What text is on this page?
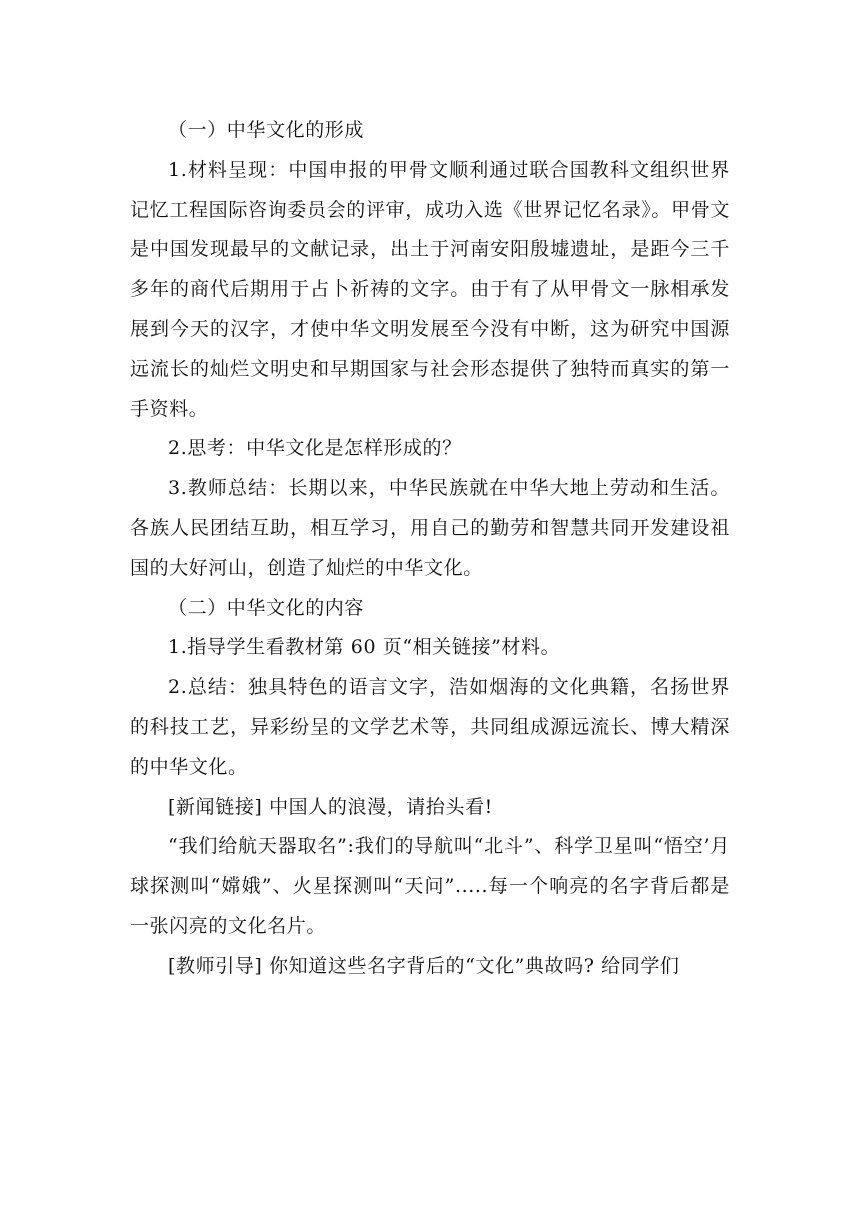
（一）中华文化的形成

1.材料呈现：中国申报的甲骨文顺利通过联合国教科文组织世界记忆工程国际咨询委员会的评审，成功入选《世界记忆名录》。甲骨文是中国发现最早的文献记录，出土于河南安阳殷墟遗址，是距今三千多年的商代后期用于占卜祈祷的文字。由于有了从甲骨文一脉相承发展到今天的汉字，才使中华文明发展至今没有中断，这为研究中国源远流长的灿烂文明史和早期国家与社会形态提供了独特而真实的第一手资料。

2.思考：中华文化是怎样形成的？

3.教师总结：长期以来，中华民族就在中华大地上劳动和生活。各族人民团结互助，相互学习，用自己的勤劳和智慧共同开发建设祖国的大好河山，创造了灿烂的中华文化。

（二）中华文化的内容

1.指导学生看教材第 60 页“相关链接”材料。

2.总结：独具特色的语言文字，浩如烟海的文化典籍，名扬世界的科技工艺，异彩纷呈的文学艺术等，共同组成源远流长、博大精深的中华文化。

[新闻链接] 中国人的浪漫，请抬头看!

“我们给航天器取名”:我们的导航叫“北斗”、科学卫星叫“悟空’月球探测叫“嫦娥”、火星探测叫“天问”.....每一个响亮的名字背后都是一张闪亮的文化名片。

[教师引导] 你知道这些名字背后的“文化”典故吗? 给同学们
